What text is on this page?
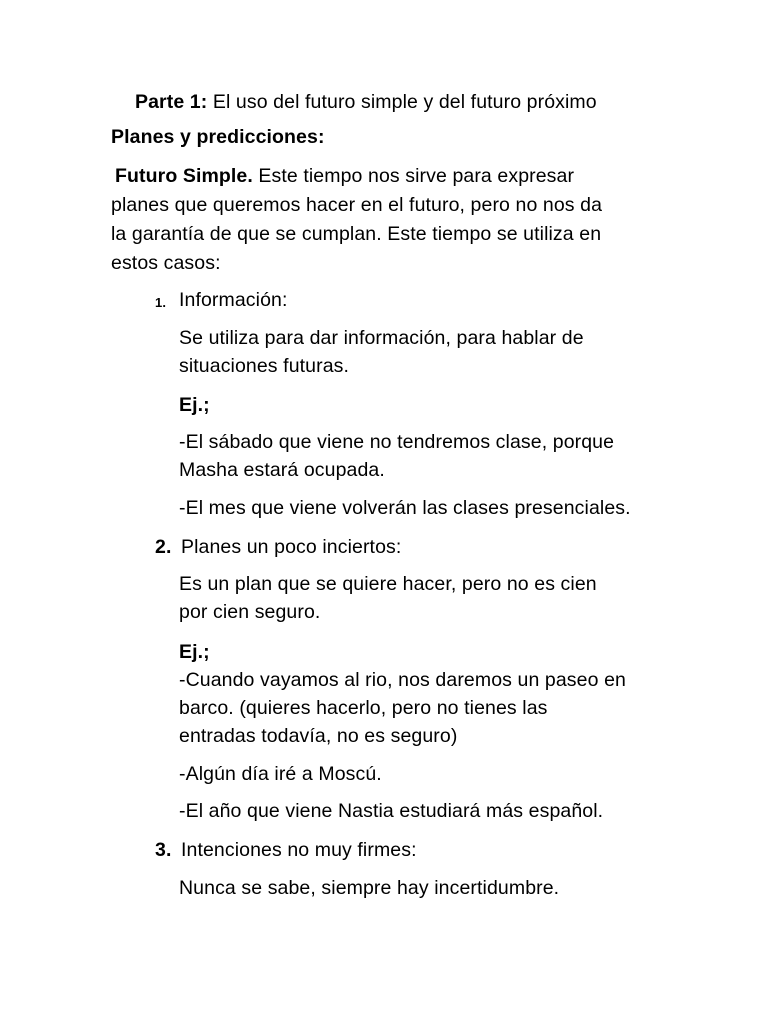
Parte 1: El uso del futuro simple y del futuro próximo
Planes y predicciones:
Futuro Simple. Este tiempo nos sirve para expresar
planes que queremos hacer en el futuro, pero no nos da
la garantía de que se cumplan. Este tiempo se utiliza en
estos casos:
1. Información:
Se utiliza para dar información, para hablar de
situaciones futuras.
Ej.;
-El sábado que viene no tendremos clase, porque
Masha estará ocupada.
-El mes que viene volverán las clases presenciales.
2. Planes un poco inciertos:
Es un plan que se quiere hacer, pero no es cien
por cien seguro.
Ej.;
-Cuando vayamos al rio, nos daremos un paseo en
barco. (quieres hacerlo, pero no tienes las
entradas todavía, no es seguro)
-Algún día iré a Moscú.
-El año que viene Nastia estudiará más español.
3. Intenciones no muy firmes:
Nunca se sabe, siempre hay incertidumbre.
